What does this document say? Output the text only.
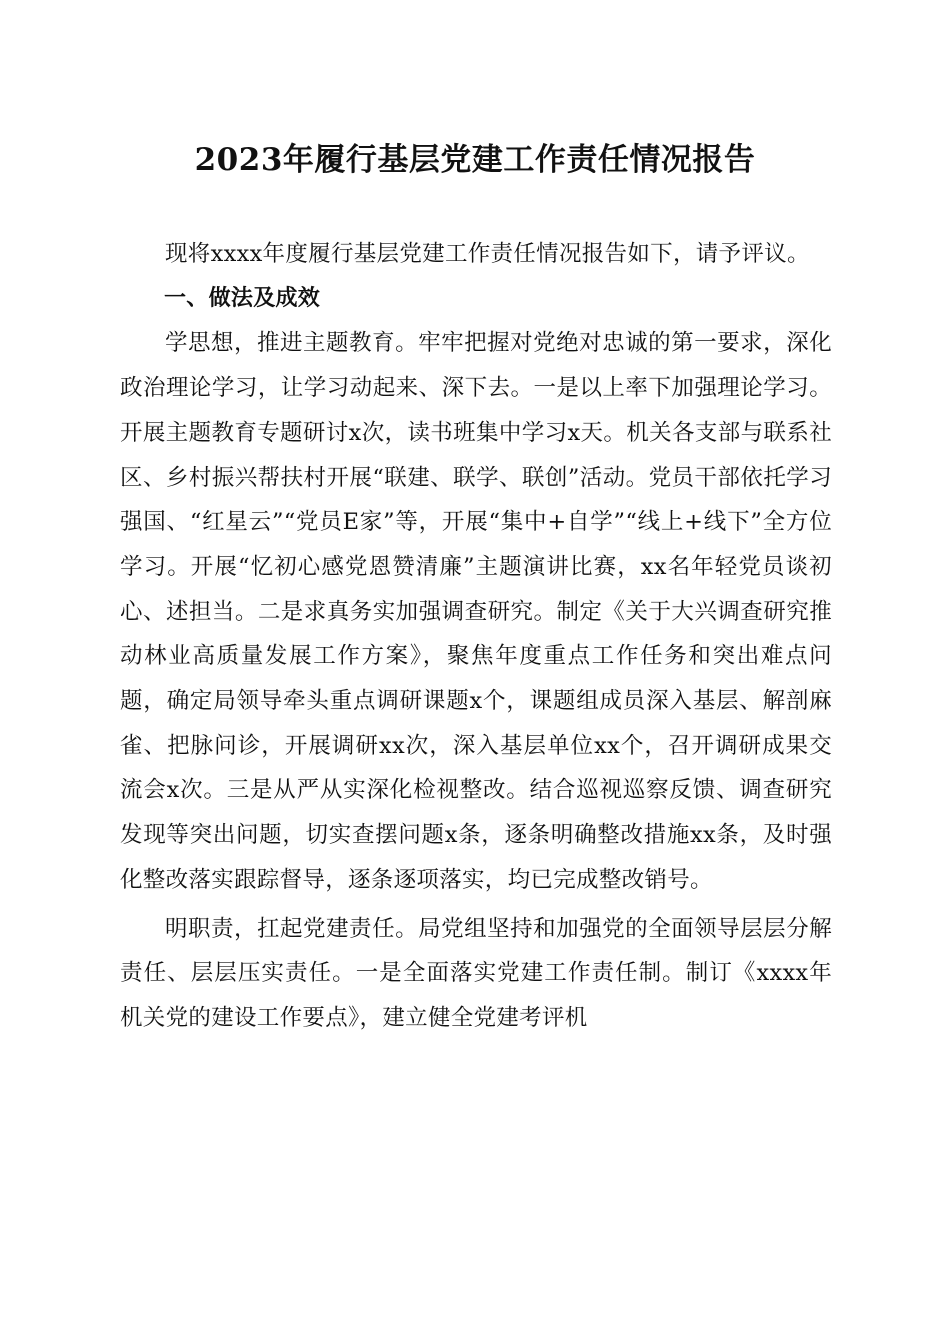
2023年履行基层党建工作责任情况报告

现将xxxx年度履行基层党建工作责任情况报告如下，请予评议。

一、做法及成效

学思想，推进主题教育。牢牢把握对党绝对忠诚的第一要求，深化政治理论学习，让学习动起来、深下去。一是以上率下加强理论学习。开展主题教育专题研讨x次，读书班集中学习x天。机关各支部与联系社区、乡村振兴帮扶村开展“联建、联学、联创”活动。党员干部依托学习强国、“红星云”“党员E家”等，开展“集中+自学”“线上+线下”全方位学习。开展“忆初心感党恩赞清廉”主题演讲比赛，xx名年轻党员谈初心、述担当。二是求真务实加强调查研究。制定《关于大兴调查研究推动林业高质量发展工作方案》，聚焦年度重点工作任务和突出难点问题，确定局领导牵头重点调研课题x个，课题组成员深入基层、解剖麻雀、把脉问诊，开展调研xx次，深入基层单位xx个，召开调研成果交流会x次。三是从严从实深化检视整改。结合巡视巡察反馈、调查研究发现等突出问题，切实查摆问题x条，逐条明确整改措施xx条，及时强化整改落实跟踪督导，逐条逐项落实，均已完成整改销号。

明职责，扛起党建责任。局党组坚持和加强党的全面领导层层分解责任、层层压实责任。一是全面落实党建工作责任制。制订《xxxx年机关党的建设工作要点》，建立健全党建考评机
